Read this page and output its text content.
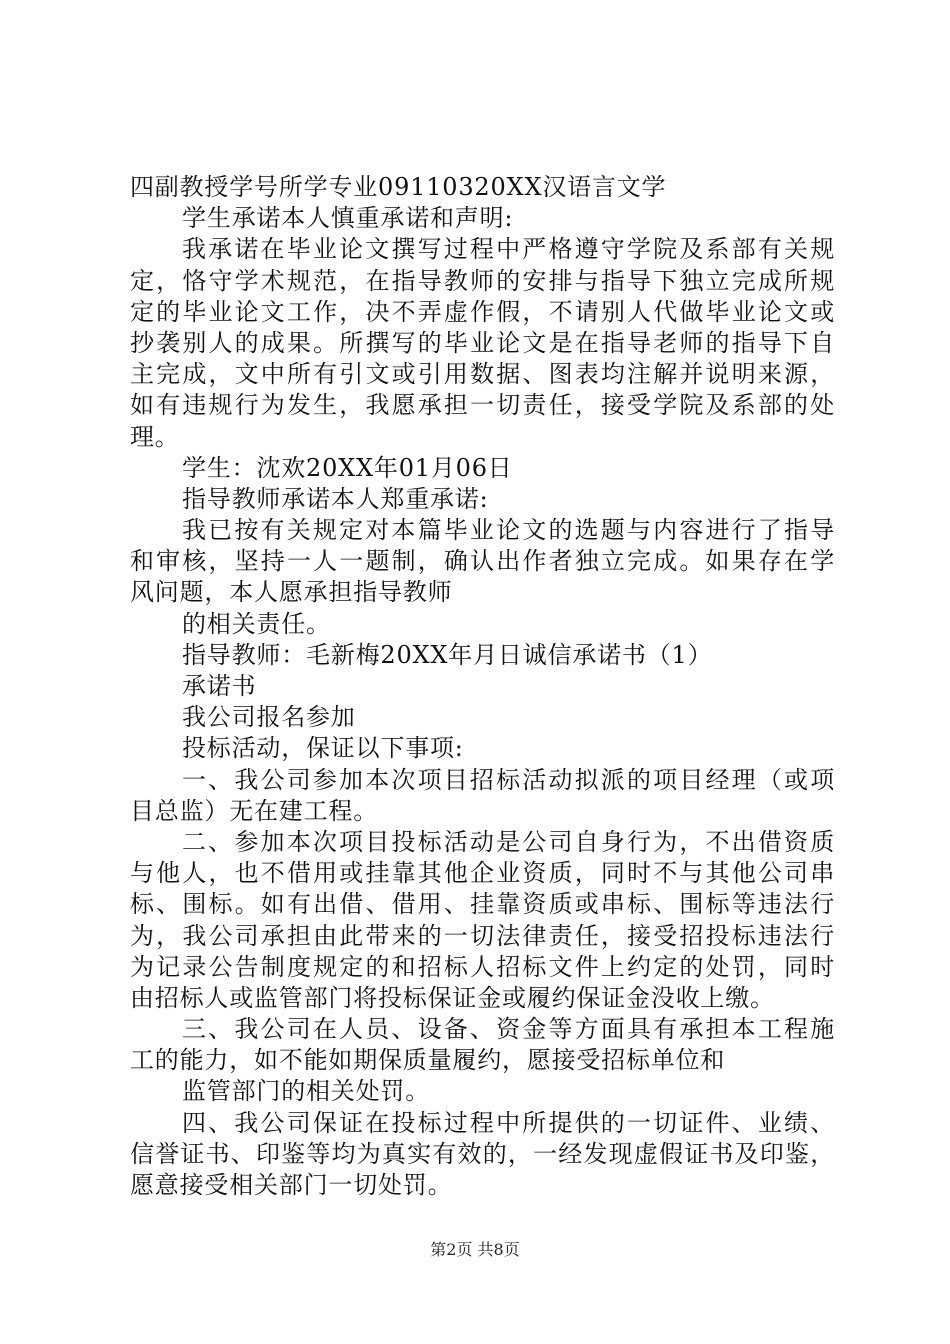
四副教授学号所学专业09110320XX汉语言文学
学生承诺本人慎重承诺和声明:
我承诺在毕业论文撰写过程中严格遵守学院及系部有关规
定，恪守学术规范，在指导教师的安排与指导下独立完成所规
定的毕业论文工作，决不弄虚作假，不请别人代做毕业论文或
抄袭别人的成果。所撰写的毕业论文是在指导老师的指导下自
主完成，文中所有引文或引用数据、图表均注解并说明来源，
如有违规行为发生，我愿承担一切责任，接受学院及系部的处
理。
学生：沈欢20XX年01月06日
指导教师承诺本人郑重承诺:
我已按有关规定对本篇毕业论文的选题与内容进行了指导
和审核，坚持一人一题制，确认出作者独立完成。如果存在学
风问题，本人愿承担指导教师
的相关责任。
指导教师：毛新梅20XX年月日诚信承诺书（1）
承诺书
我公司报名参加
投标活动，保证以下事项:
一、我公司参加本次项目招标活动拟派的项目经理（或项
目总监）无在建工程。
二、参加本次项目投标活动是公司自身行为，不出借资质
与他人，也不借用或挂靠其他企业资质，同时不与其他公司串
标、围标。如有出借、借用、挂靠资质或串标、围标等违法行
为，我公司承担由此带来的一切法律责任，接受招投标违法行
为记录公告制度规定的和招标人招标文件上约定的处罚，同时
由招标人或监管部门将投标保证金或履约保证金没收上缴。
三、我公司在人员、设备、资金等方面具有承担本工程施
工的能力，如不能如期保质量履约，愿接受招标单位和
监管部门的相关处罚。
四、我公司保证在投标过程中所提供的一切证件、业绩、
信誉证书、印鉴等均为真实有效的，一经发现虚假证书及印鉴，
愿意接受相关部门一切处罚。
第2页 共8页
